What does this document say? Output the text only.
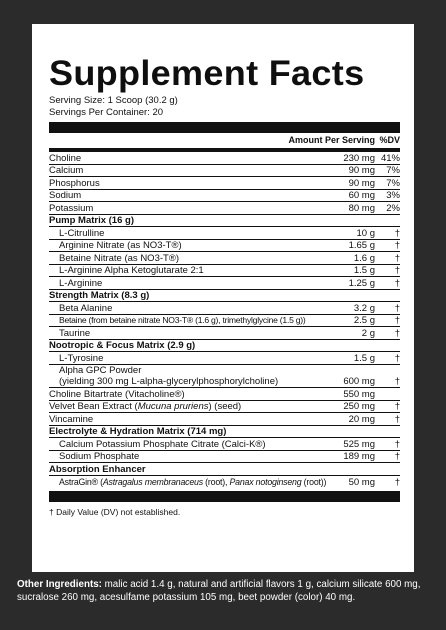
Supplement Facts
Serving Size: 1 Scoop (30.2 g)
Servings Per Container: 20
Amount Per Serving %DV
Choline	230 mg 41%
Calcium	90 mg	7%
Phosphorus	90 mg	7%
Sodium	60 mg	3%
Potassium	80 mg	2%
Pump Matrix (16 g)
L-Citrulline	10 g	†
Arginine Nitrate (as NO3-T®)	1.65 g	†
Betaine Nitrate (as NO3-T®)	1.6 g	†
L-Arginine Alpha Ketoglutarate 2:1	1.5 g	†
L-Arginine	1.25 g	†
Strength Matrix (8.3 g)
Beta Alanine	3.2 g	†
Betaine (from betaine nitrate NO3-T® (1.6 g), trimethylglycine (1.5 g))	2.5 g	†
Taurine	2 g	†
Nootropic & Focus Matrix (2.9 g)
L-Tyrosine	1.5 g	†
Alpha GPC Powder
(yielding 300 mg L-alpha-glycerylphosphorylcholine)	600 mg	†
Choline Bitartrate (Vitacholine®)	550 mg
Velvet Bean Extract (Mucuna pruriens) (seed)	250 mg	†
Vincamine	20 mg	†
Electrolyte & Hydration Matrix (714 mg)
Calcium Potassium Phosphate Citrate (Calci-K®)	525 mg	†
Sodium Phosphate	189 mg	†
Absorption Enhancer
AstraGin® (Astragalus membranaceus (root), Panax notoginseng (root))	50 mg	†
† Daily Value (DV) not established.
Other Ingredients: malic acid 1.4 g, natural and artificial flavors 1 g, calcium silicate 600 mg, sucralose 260 mg, acesulfame potassium 105 mg, beet powder (color) 40 mg.
